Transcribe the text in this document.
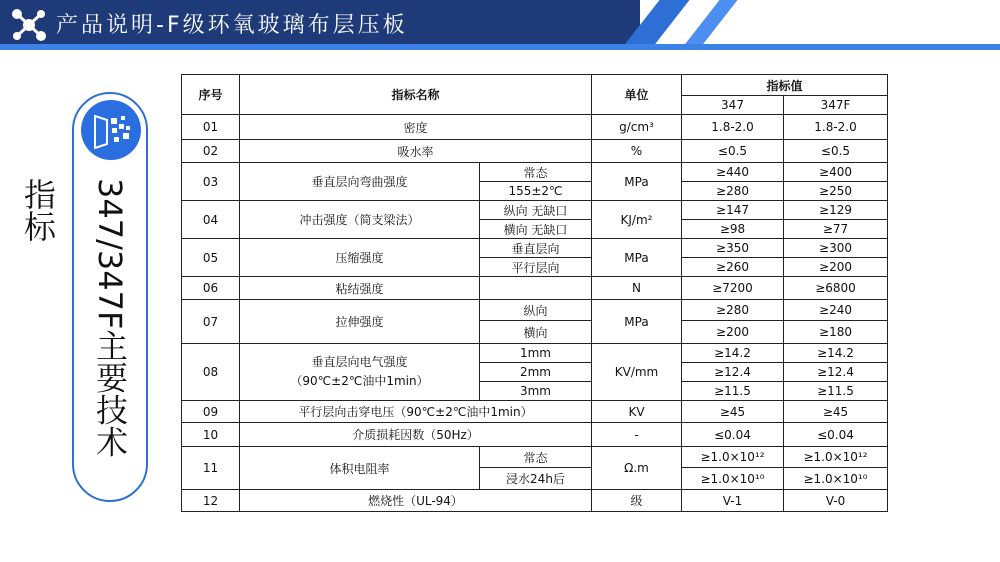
产品说明-F级环氧玻璃布层压板
347/347F主要技术指标
序号	指标名称		单位	指标值	
				347	347F
01	密度		g/cm³	1.8-2.0	1.8-2.0
02	吸水率		%	≤0.5	≤0.5
03	垂直层向弯曲强度	常态	MPa	≥440	≥400
		155±2℃		≥280	≥250
04	冲击强度（简支梁法）	纵向 无缺口	KJ/m²	≥147	≥129
		横向 无缺口		≥98	≥77
05	压缩强度	垂直层向	MPa	≥350	≥300
		平行层向		≥260	≥200
06	粘结强度		N	≥7200	≥6800
07	拉伸强度	纵向	MPa	≥280	≥240
		横向		≥200	≥180
08	垂直层向电气强度
（90℃±2℃油中1min）	1mm	KV/mm	≥14.2	≥14.2
		2mm		≥12.4	≥12.4
		3mm		≥11.5	≥11.5
09	平行层向击穿电压（90℃±2℃油中1min）		KV	≥45	≥45
10	介质损耗因数（50Hz）		-	≤0.04	≤0.04
11	体积电阻率	常态	Ω.m	≥1.0×10¹²	≥1.0×10¹²
		浸水24h后		≥1.0×10¹⁰	≥1.0×10¹⁰
12	燃烧性（UL-94）		级	V-1	V-0
